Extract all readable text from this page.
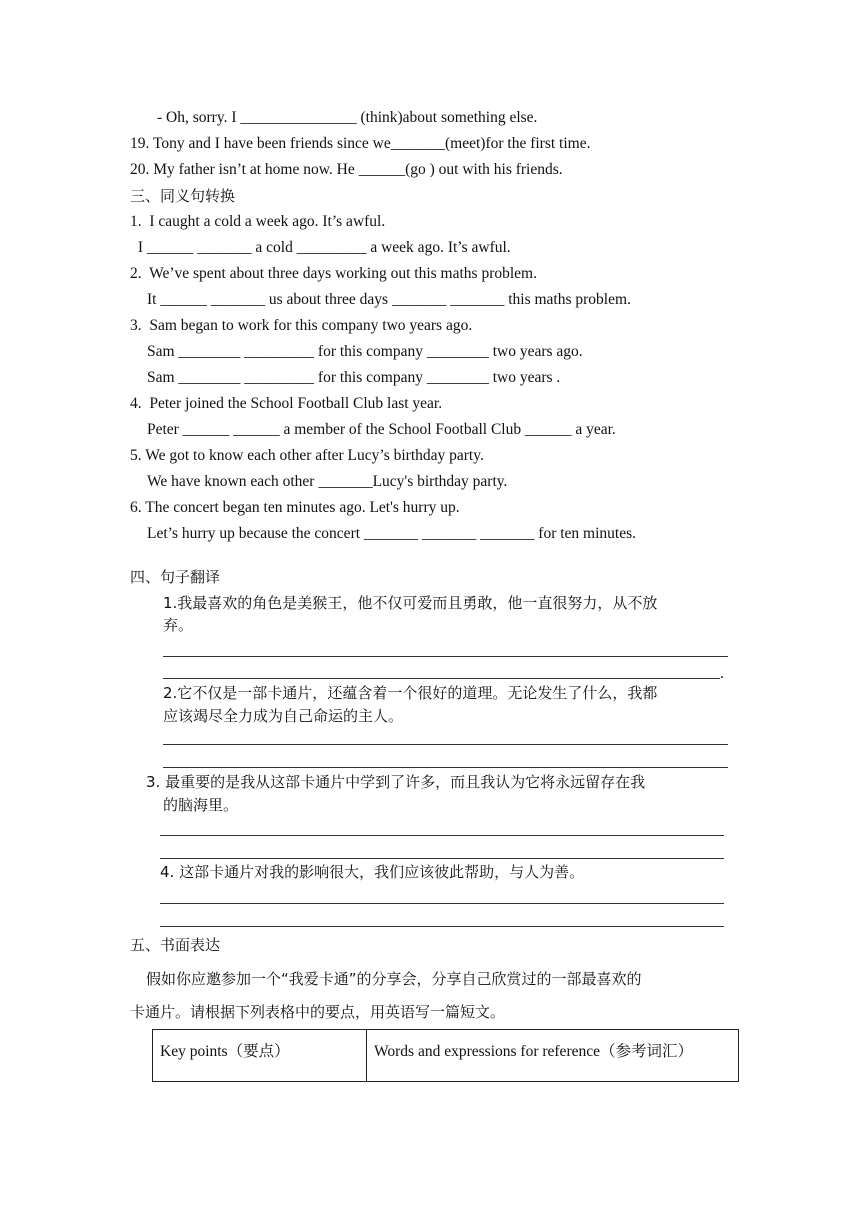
- Oh, sorry. I _______________ (think)about something else.
19. Tony and I have been friends since we_______(meet)for the first time.
20. My father isn’t at home now. He ______(go ) out with his friends.
三、同义句转换
1.  I caught a cold a week ago. It’s awful.
I ______ _______ a cold _________ a week ago. It’s awful.
2.  We’ve spent about three days working out this maths problem.
It ______ _______ us about three days _______ _______ this maths problem.
3.  Sam began to work for this company two years ago.
Sam ________ _________ for this company ________ two years ago.
Sam ________ _________ for this company ________ two years .
4.  Peter joined the School Football Club last year.
Peter ______ ______ a member of the School Football Club ______ a year.
5. We got to know each other after Lucy’s birthday party.
We have known each other _______Lucy's birthday party.
6. The concert began ten minutes ago. Let's hurry up.
Let’s hurry up because the concert _______ _______ _______ for ten minutes.
四、句子翻译
1.我最喜欢的角色是美猴王，他不仅可爱而且勇敢，他一直很努力，从不放
弃。
.
2.它不仅是一部卡通片，还蕴含着一个很好的道理。无论发生了什么，我都
应该竭尽全力成为自己命运的主人。
3. 最重要的是我从这部卡通片中学到了许多，而且我认为它将永远留存在我
的脑海里。
4. 这部卡通片对我的影响很大，我们应该彼此帮助，与人为善。
五、书面表达
假如你应邀参加一个“我爱卡通”的分享会，分享自己欣赏过的一部最喜欢的
卡通片。请根据下列表格中的要点，用英语写一篇短文。
Key points（要点）	Words and expressions for reference（参考词汇）
